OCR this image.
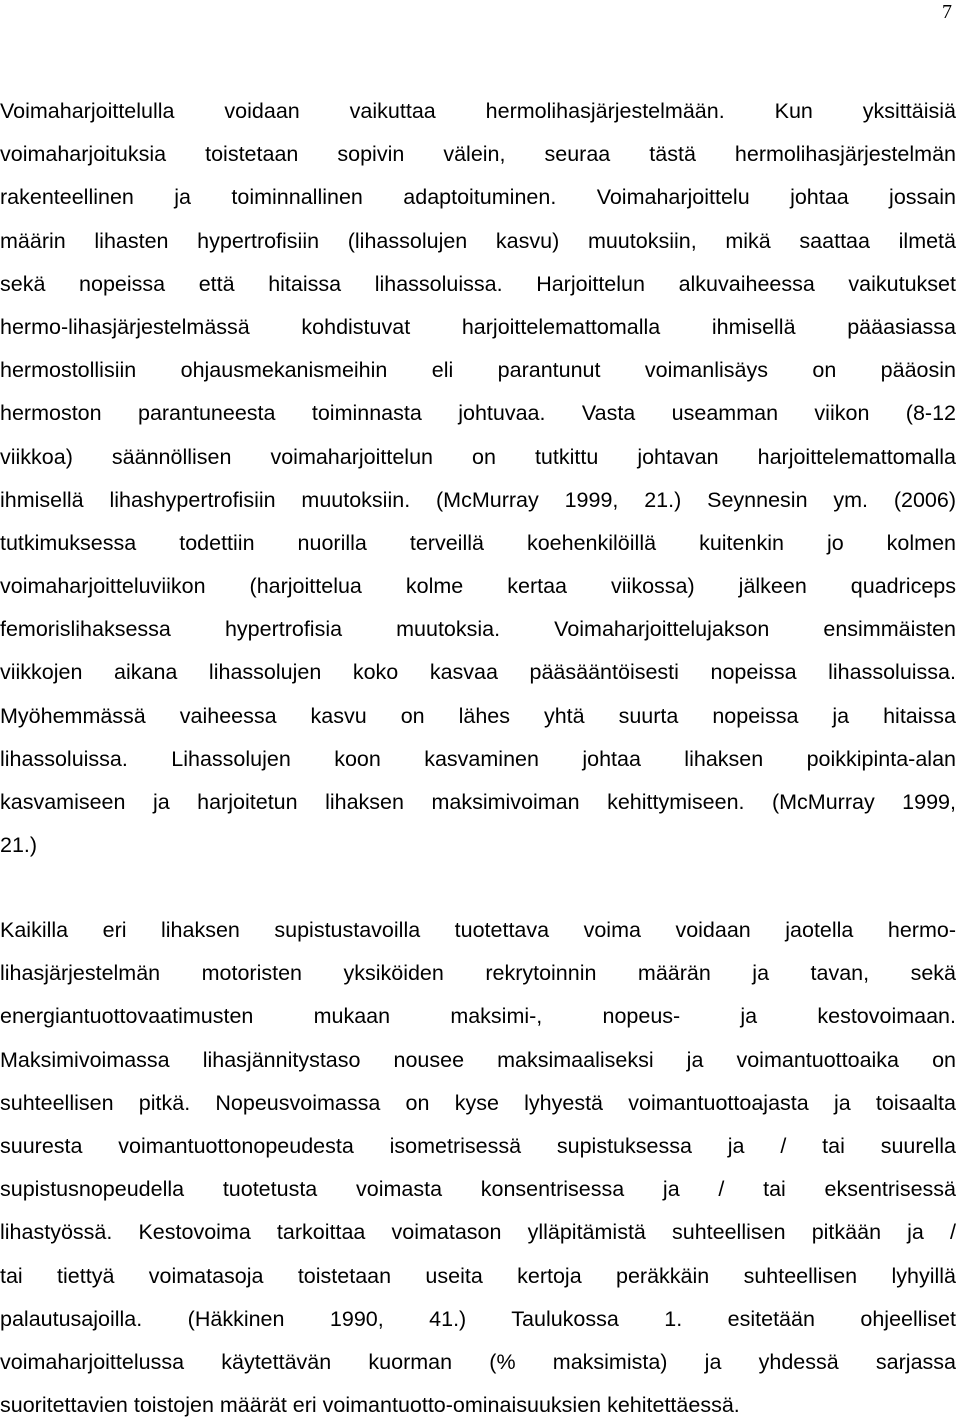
7
Voimaharjoittelulla voidaan vaikuttaa hermolihasjärjestelmään. Kun yksittäisiä
voimaharjoituksia toistetaan sopivin välein, seuraa tästä hermolihasjärjestelmän
rakenteellinen ja toiminnallinen adaptoituminen. Voimaharjoittelu johtaa jossain
määrin lihasten hypertrofisiin (lihassolujen kasvu) muutoksiin, mikä saattaa ilmetä
sekä nopeissa että hitaissa lihassoluissa. Harjoittelun alkuvaiheessa vaikutukset
hermo-lihasjärjestelmässä kohdistuvat harjoittelemattomalla ihmisellä pääasiassa
hermostollisiin ohjausmekanismeihin eli parantunut voimanlisäys on pääosin
hermoston parantuneesta toiminnasta johtuvaa. Vasta useamman viikon (8-12
viikkoa) säännöllisen voimaharjoittelun on tutkittu johtavan harjoittelemattomalla
ihmisellä lihashypertrofisiin muutoksiin. (McMurray 1999, 21.) Seynnesin ym. (2006)
tutkimuksessa todettiin nuorilla terveillä koehenkilöillä kuitenkin jo kolmen
voimaharjoitteluviikon (harjoittelua kolme kertaa viikossa) jälkeen quadriceps
femorislihaksessa hypertrofisia muutoksia. Voimaharjoittelujakson ensimmäisten
viikkojen aikana lihassolujen koko kasvaa pääsääntöisesti nopeissa lihassoluissa.
Myöhemmässä vaiheessa kasvu on lähes yhtä suurta nopeissa ja hitaissa
lihassoluissa. Lihassolujen koon kasvaminen johtaa lihaksen poikkipinta-alan
kasvamiseen ja harjoitetun lihaksen maksimivoiman kehittymiseen. (McMurray 1999,
21.)
Kaikilla eri lihaksen supistustavoilla tuotettava voima voidaan jaotella hermo-
lihasjärjestelmän motoristen yksiköiden rekrytoinnin määrän ja tavan, sekä
energiantuottovaatimusten mukaan maksimi-, nopeus- ja kestovoimaan.
Maksimivoimassa lihasjännitystaso nousee maksimaaliseksi ja voimantuottoaika on
suhteellisen pitkä. Nopeusvoimassa on kyse lyhyestä voimantuottoajasta ja toisaalta
suuresta voimantuottonopeudesta isometrisessä supistuksessa ja / tai suurella
supistusnopeudella tuotetusta voimasta konsentrisessa ja / tai eksentrisessä
lihastyössä. Kestovoima tarkoittaa voimatason ylläpitämistä suhteellisen pitkään ja /
tai tiettyä voimatasoja toistetaan useita kertoja peräkkäin suhteellisen lyhyillä
palautusajoilla. (Häkkinen 1990, 41.) Taulukossa 1. esitetään ohjeelliset
voimaharjoittelussa käytettävän kuorman (% maksimista) ja yhdessä sarjassa
suoritettavien toistojen määrät eri voimantuotto-ominaisuuksien kehitettäessä.
